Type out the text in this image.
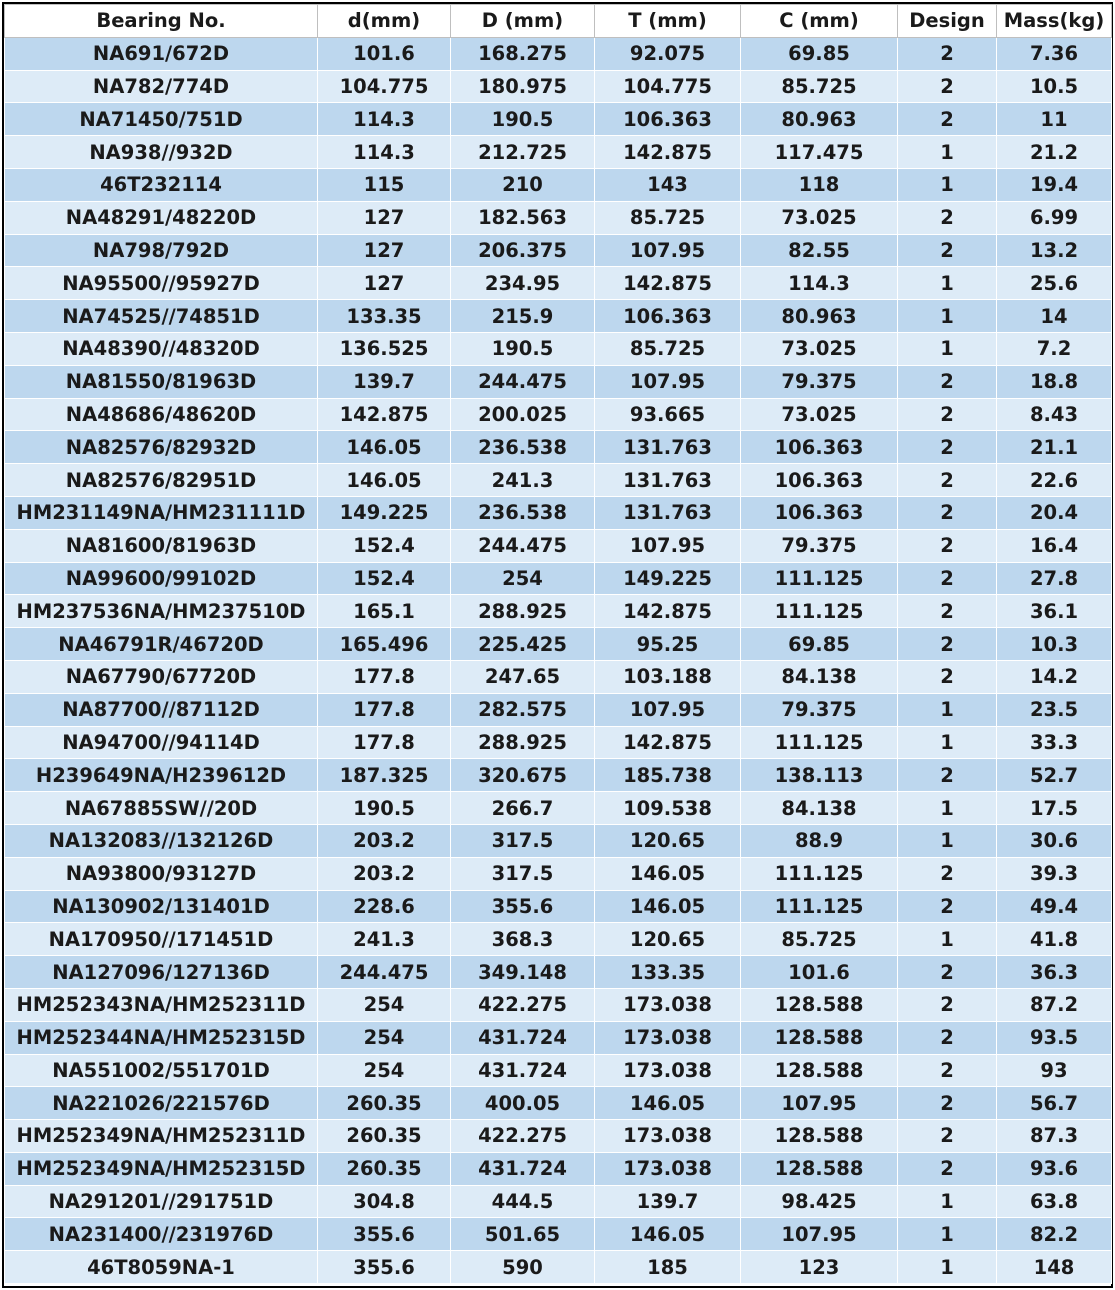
Bearing No.	d(mm)	D (mm)	T (mm)	C (mm)	Design	Mass(kg)
NA691/672D	101.6	168.275	92.075	69.85	2	7.36
NA782/774D	104.775	180.975	104.775	85.725	2	10.5
NA71450/751D	114.3	190.5	106.363	80.963	2	11
NA938//932D	114.3	212.725	142.875	117.475	1	21.2
46T232114	115	210	143	118	1	19.4
NA48291/48220D	127	182.563	85.725	73.025	2	6.99
NA798/792D	127	206.375	107.95	82.55	2	13.2
NA95500//95927D	127	234.95	142.875	114.3	1	25.6
NA74525//74851D	133.35	215.9	106.363	80.963	1	14
NA48390//48320D	136.525	190.5	85.725	73.025	1	7.2
NA81550/81963D	139.7	244.475	107.95	79.375	2	18.8
NA48686/48620D	142.875	200.025	93.665	73.025	2	8.43
NA82576/82932D	146.05	236.538	131.763	106.363	2	21.1
NA82576/82951D	146.05	241.3	131.763	106.363	2	22.6
HM231149NA/HM231111D	149.225	236.538	131.763	106.363	2	20.4
NA81600/81963D	152.4	244.475	107.95	79.375	2	16.4
NA99600/99102D	152.4	254	149.225	111.125	2	27.8
HM237536NA/HM237510D	165.1	288.925	142.875	111.125	2	36.1
NA46791R/46720D	165.496	225.425	95.25	69.85	2	10.3
NA67790/67720D	177.8	247.65	103.188	84.138	2	14.2
NA87700//87112D	177.8	282.575	107.95	79.375	1	23.5
NA94700//94114D	177.8	288.925	142.875	111.125	1	33.3
H239649NA/H239612D	187.325	320.675	185.738	138.113	2	52.7
NA67885SW//20D	190.5	266.7	109.538	84.138	1	17.5
NA132083//132126D	203.2	317.5	120.65	88.9	1	30.6
NA93800/93127D	203.2	317.5	146.05	111.125	2	39.3
NA130902/131401D	228.6	355.6	146.05	111.125	2	49.4
NA170950//171451D	241.3	368.3	120.65	85.725	1	41.8
NA127096/127136D	244.475	349.148	133.35	101.6	2	36.3
HM252343NA/HM252311D	254	422.275	173.038	128.588	2	87.2
HM252344NA/HM252315D	254	431.724	173.038	128.588	2	93.5
NA551002/551701D	254	431.724	173.038	128.588	2	93
NA221026/221576D	260.35	400.05	146.05	107.95	2	56.7
HM252349NA/HM252311D	260.35	422.275	173.038	128.588	2	87.3
HM252349NA/HM252315D	260.35	431.724	173.038	128.588	2	93.6
NA291201//291751D	304.8	444.5	139.7	98.425	1	63.8
NA231400//231976D	355.6	501.65	146.05	107.95	1	82.2
46T8059NA-1	355.6	590	185	123	1	148
